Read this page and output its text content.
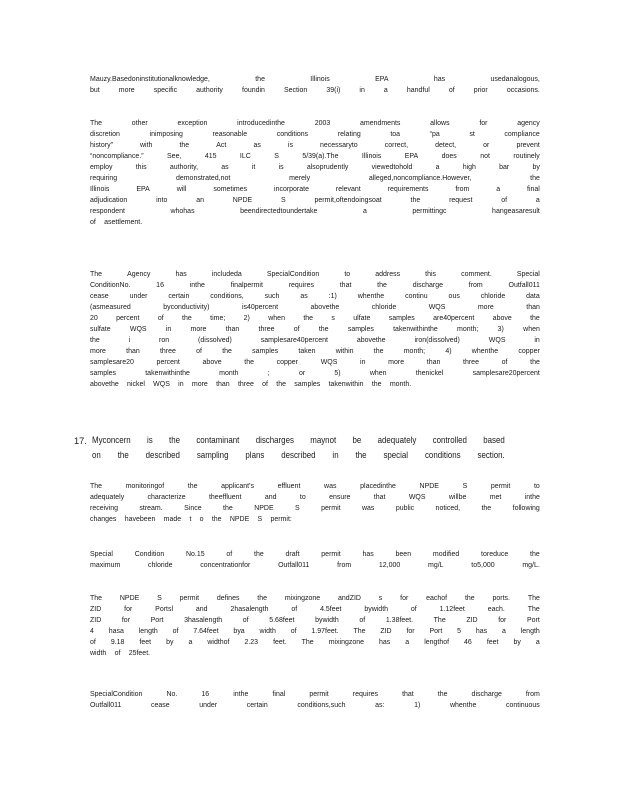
Mauzy.Basedoninstitutionalknowledge,	the	Illinois	EPA	has	usedanalogous,
but	more	specific	authority	foundin	Section	39(i)	in	a	handful	of	prior	occasions.
The	other	exception	introducedinthe	2003	amendments	allows	for	agency
discretion	inimposing	reasonable	conditions	relating	toa	“pa	st	compliance
history”	with	the	Act	as	is	necessaryto	correct,	detect,	or	prevent
“noncompliance.”	See,	415	ILC	S	5/39(a).The	Illinois	EPA	does	not	routinely
employ	this	authority,	as	it	is	alsoprudently	viewedtohold	a	high	bar	by
requiring	demonstrated,not	merely	alleged,noncompliance.However,	the
Illinois	EPA	will	sometimes	incorporate	relevant	requirements	from	a	final
adjudication	into	an	NPDE	S	permit,oftendoingsoat	the	request	of	a
respondent	whohas	beendirectedtoundertake	a	permittingc	hangeasaresult
of asettlement.
The	Agency	has	includeda	SpecialCondition	to	address	this	comment.	Special
ConditionNo.	16	inthe	finalpermit	requires	that	the	discharge	from	Outfall011
cease	under	certain	conditions,	such	as	:1)	whenthe	continu	ous	chloride	data
(asmeasured	byconductivity)	is40percent	abovethe	chloride	WQS	more	than
20 percent of the time; 2) when the s ulfate samples are40percent above the
sulfate	WQS	in	more	than	three	of	the	samples	takenwithinthe	month;	3)	when
the	i	ron	(dissolved)	samplesare40percent	abovethe	iron(dissolved)	WQS	in
more	than	three	of	the	samples	taken	within	the	month;	4)	whenthe	copper
samplesare20	percent	above	the	copper	WQS	in	more	than	three	of	the
samples	takenwithinthe	month	;	or	5)	when	thenickel	samplesare20percent
abovethe nickel WQS in more than three of the samples takenwithin the month.
17. Myconcern is the contaminant discharges maynot be adequately controlled based
on the described sampling plans described in the special conditions section.
The	monitoringof	the	applicant's	effluent	was	placedinthe	NPDE	S	permit	to
adequately	characterize	theeffluent	and	to	ensure	that	WQS	willbe	met	inthe
receiving	stream.	Since	the	NPDE	S	permit	was	public	noticed,	the	following
changes havebeen made t o the NPDE S permit:
Special	Condition	No.15	of	the	draft	permit	has	been	modified	toreduce	the
maximum	chloride	concentrationfor	Outfall011	from	12,000	mg/L	to5,000	mg/L.
The NPDE S permit defines the mixingzone andZID s for eachof the ports. The
ZID	for	Portsl	and	2hasalength	of	4.5feet	bywidth	of	1.12feet	each.	The
ZID	for	Port	3hasalength	of	5.68feet	bywidth	of	1.38feet.	The	ZID	for	Port
4 hasa length of 7.64feet bya width of 1.97feet. The ZID for Port 5 has a length
of 9.18 feet by a widthof 2.23 feet. The mixingzone has a lengthof 46 feet by a
width of 25feet.
SpecialCondition	No.	16	inthe	final	permit	requires	that	the	discharge	from
Outfall011	cease	under	certain	conditions,such	as:	1)	whenthe	continuous
